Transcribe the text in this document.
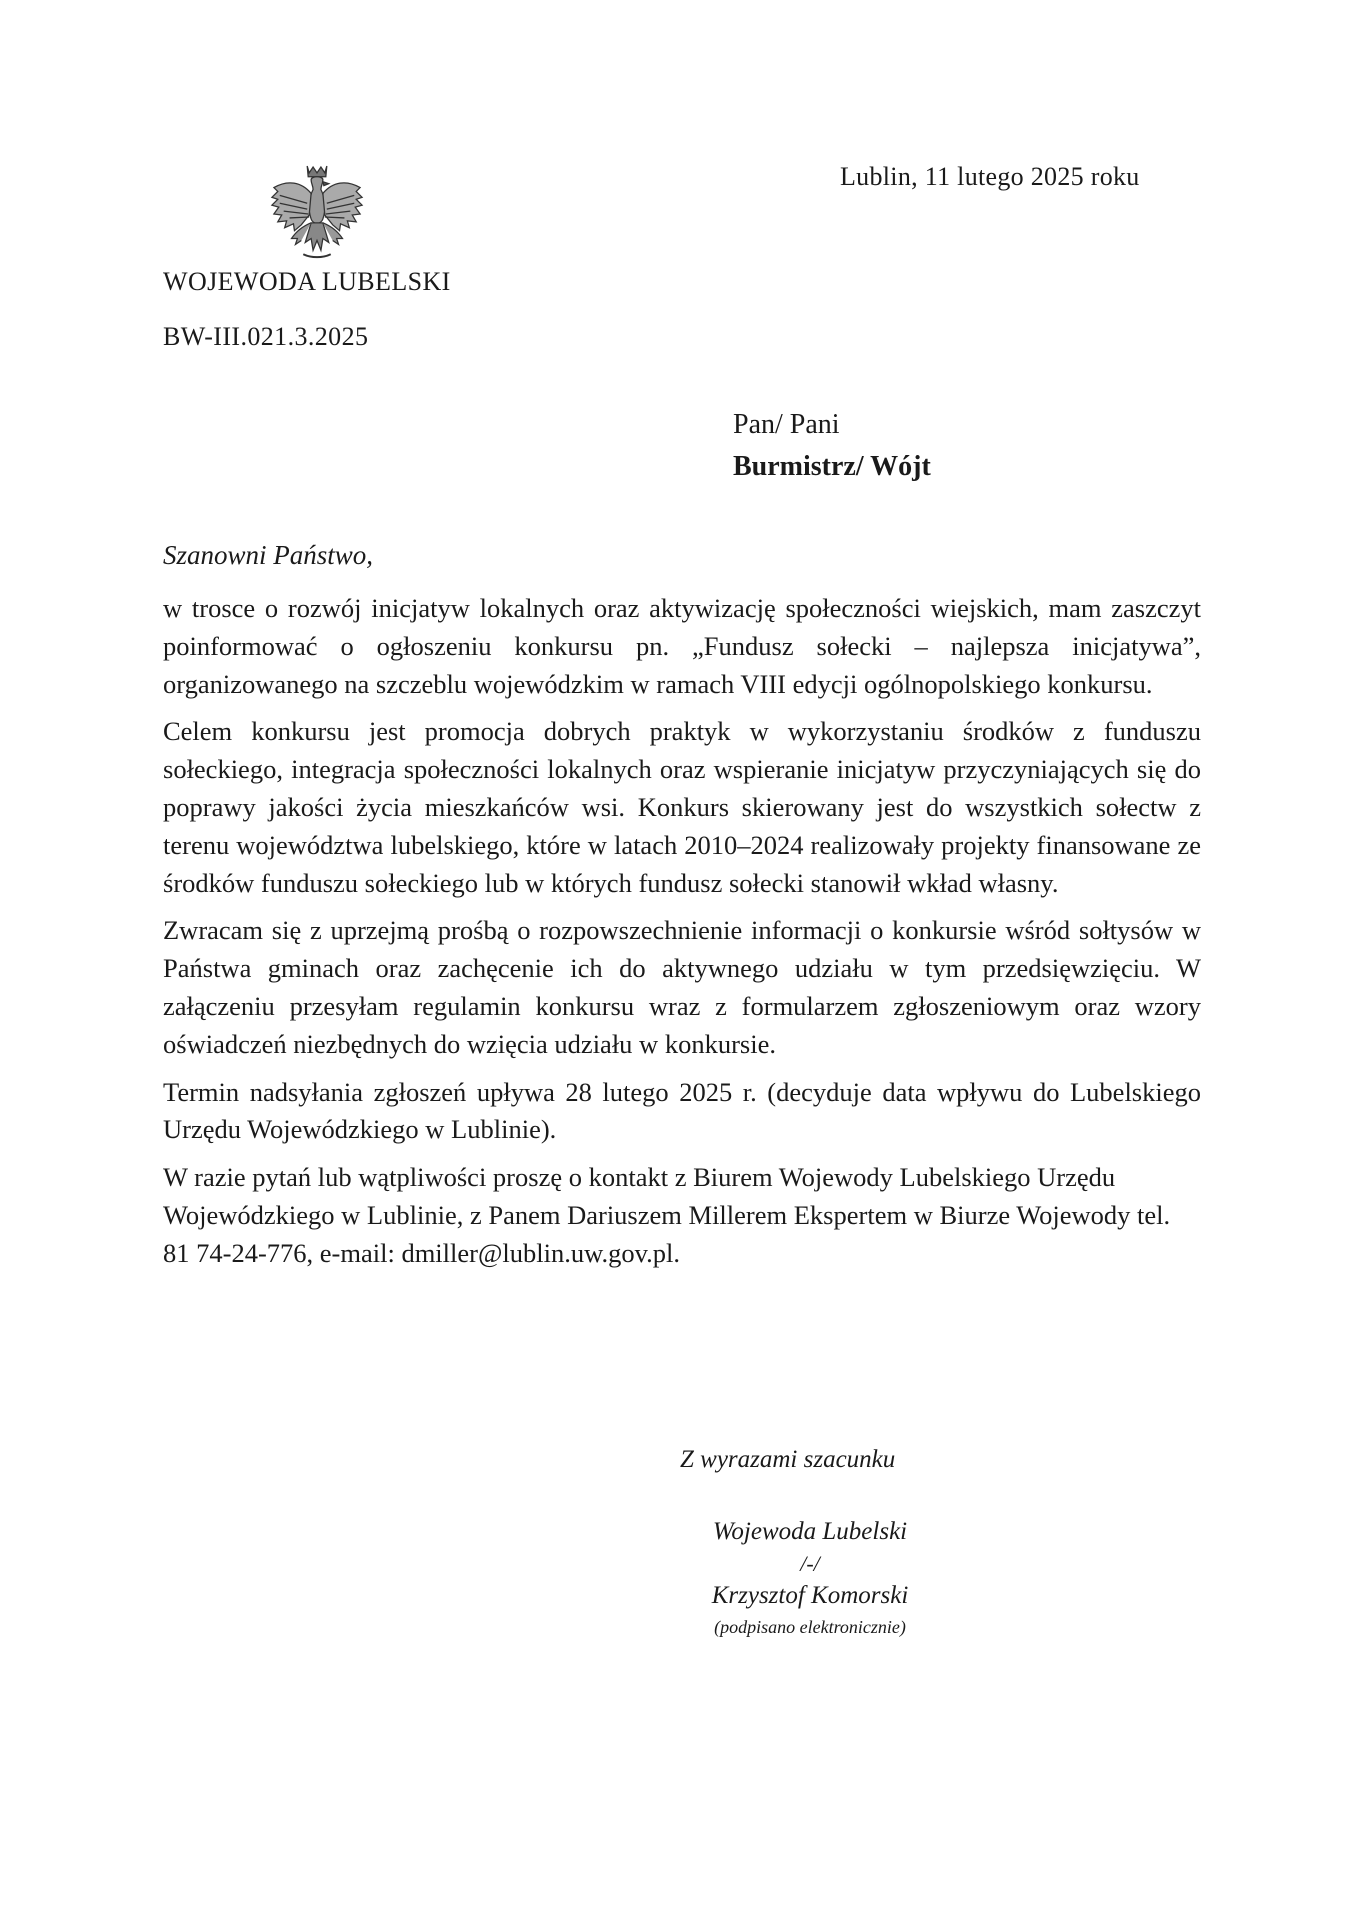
Lublin, 11 lutego 2025 roku
WOJEWODA LUBELSKI
BW-III.021.3.2025
Pan/ Pani
Burmistrz/ Wójt
Szanowni Państwo,

w trosce o rozwój inicjatyw lokalnych oraz aktywizację społeczności wiejskich, mam zaszczyt poinformować o ogłoszeniu konkursu pn. „Fundusz sołecki – najlepsza inicjatywa”, organizowanego na szczeblu wojewódzkim w ramach VIII edycji ogólnopolskiego konkursu.

Celem konkursu jest promocja dobrych praktyk w wykorzystaniu środków z funduszu sołeckiego, integracja społeczności lokalnych oraz wspieranie inicjatyw przyczyniających się do poprawy jakości życia mieszkańców wsi. Konkurs skierowany jest do wszystkich sołectw z terenu województwa lubelskiego, które w latach 2010–2024 realizowały projekty finansowane ze środków funduszu sołeckiego lub w których fundusz sołecki stanowił wkład własny.

Zwracam się z uprzejmą prośbą o rozpowszechnienie informacji o konkursie wśród sołtysów w Państwa gminach oraz zachęcenie ich do aktywnego udziału w tym przedsięwzięciu. W załączeniu przesyłam regulamin konkursu wraz z formularzem zgłoszeniowym oraz wzory oświadczeń niezbędnych do wzięcia udziału w konkursie.

Termin nadsyłania zgłoszeń upływa 28 lutego 2025 r. (decyduje data wpływu do Lubelskiego Urzędu Wojewódzkiego w Lublinie).

W razie pytań lub wątpliwości proszę o kontakt z Biurem Wojewody Lubelskiego Urzędu Wojewódzkiego w Lublinie, z Panem Dariuszem Millerem Ekspertem w Biurze Wojewody tel. 81 74-24-776, e-mail: dmiller@lublin.uw.gov.pl.

Z wyrazami szacunku
Wojewoda Lubelski
/-/
Krzysztof Komorski
(podpisano elektronicznie)
